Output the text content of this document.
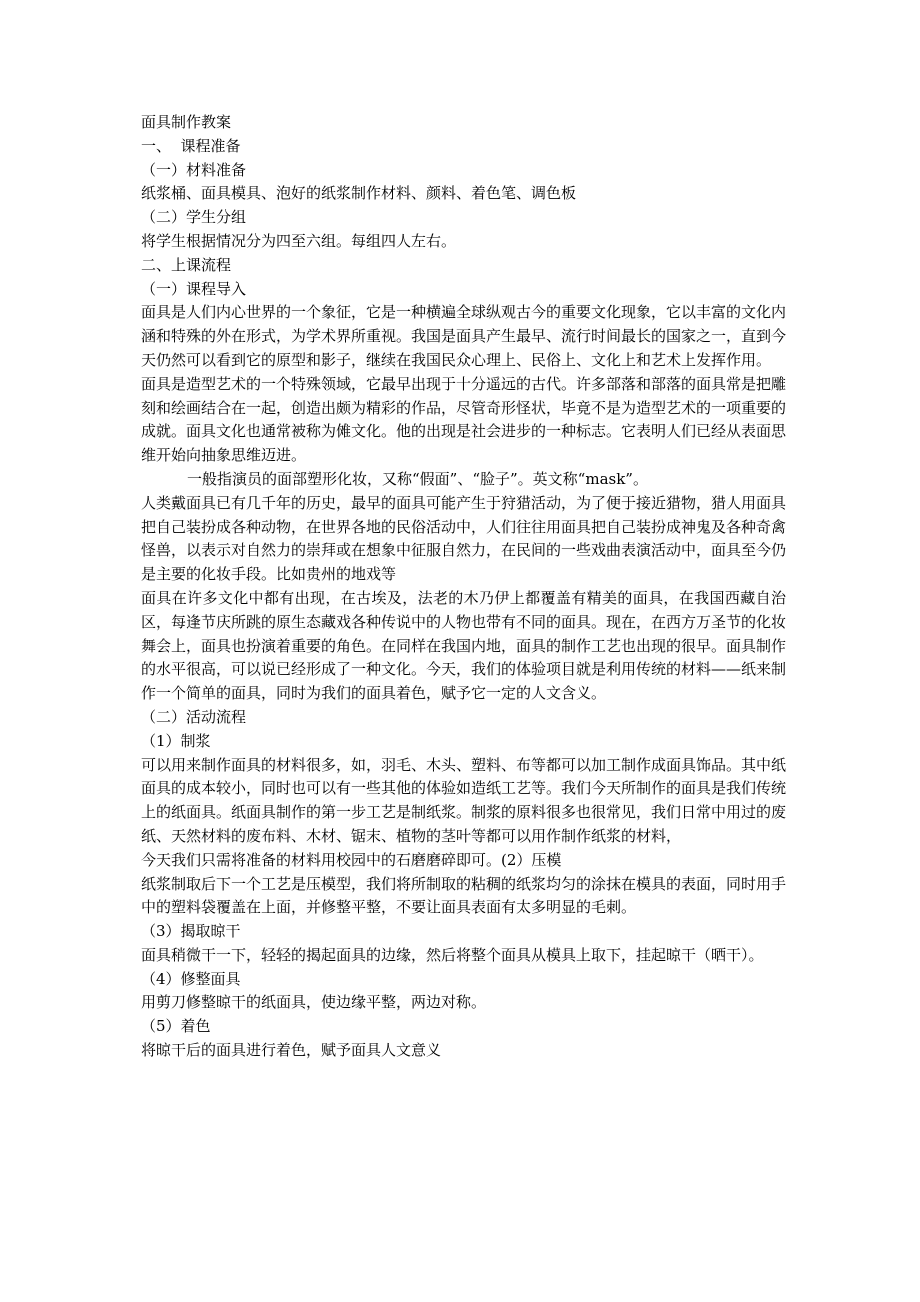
面具制作教案
一、  课程准备
（一）材料准备
纸浆桶、面具模具、泡好的纸浆制作材料、颜料、着色笔、调色板
（二）学生分组
将学生根据情况分为四至六组。每组四人左右。
二、上课流程
（一）课程导入
面具是人们内心世界的一个象征，它是一种横遍全球纵观古今的重要文化现象，它以丰富的文化内涵和特殊的外在形式，为学术界所重视。我国是面具产生最早、流行时间最长的国家之一，直到今天仍然可以看到它的原型和影子，继续在我国民众心理上、民俗上、文化上和艺术上发挥作用。
面具是造型艺术的一个特殊领域，它最早出现于十分遥远的古代。许多部落和部落的面具常是把雕刻和绘画结合在一起，创造出颇为精彩的作品，尽管奇形怪状，毕竟不是为造型艺术的一项重要的成就。面具文化也通常被称为傩文化。他的出现是社会进步的一种标志。它表明人们已经从表面思维开始向抽象思维迈进。
一般指演员的面部塑形化妆，又称“假面”、“脸子”。英文称“mask”。
人类戴面具已有几千年的历史，最早的面具可能产生于狩猎活动，为了便于接近猎物，猎人用面具把自己装扮成各种动物，在世界各地的民俗活动中，人们往往用面具把自己装扮成神鬼及各种奇禽怪兽，以表示对自然力的崇拜或在想象中征服自然力，在民间的一些戏曲表演活动中，面具至今仍是主要的化妆手段。比如贵州的地戏等
面具在许多文化中都有出现，在古埃及，法老的木乃伊上都覆盖有精美的面具，在我国西藏自治区，每逢节庆所跳的原生态藏戏各种传说中的人物也带有不同的面具。现在，在西方万圣节的化妆舞会上，面具也扮演着重要的角色。在同样在我国内地，面具的制作工艺也出现的很早。面具制作的水平很高，可以说已经形成了一种文化。今天，我们的体验项目就是利用传统的材料——纸来制作一个简单的面具，同时为我们的面具着色，赋予它一定的人文含义。
（二）活动流程
（1）制浆
可以用来制作面具的材料很多，如，羽毛、木头、塑料、布等都可以加工制作成面具饰品。其中纸面具的成本较小，同时也可以有一些其他的体验如造纸工艺等。我们今天所制作的面具是我们传统上的纸面具。纸面具制作的第一步工艺是制纸浆。制浆的原料很多也很常见，我们日常中用过的废纸、天然材料的废布料、木材、锯末、植物的茎叶等都可以用作制作纸浆的材料，
今天我们只需将准备的材料用校园中的石磨磨碎即可。(2）压模
纸浆制取后下一个工艺是压模型，我们将所制取的粘稠的纸浆均匀的涂抹在模具的表面，同时用手中的塑料袋覆盖在上面，并修整平整，不要让面具表面有太多明显的毛刺。
（3）揭取晾干
面具稍微干一下，轻轻的揭起面具的边缘，然后将整个面具从模具上取下，挂起晾干（晒干）。
（4）修整面具
用剪刀修整晾干的纸面具，使边缘平整，两边对称。
（5）着色
将晾干后的面具进行着色，赋予面具人文意义
